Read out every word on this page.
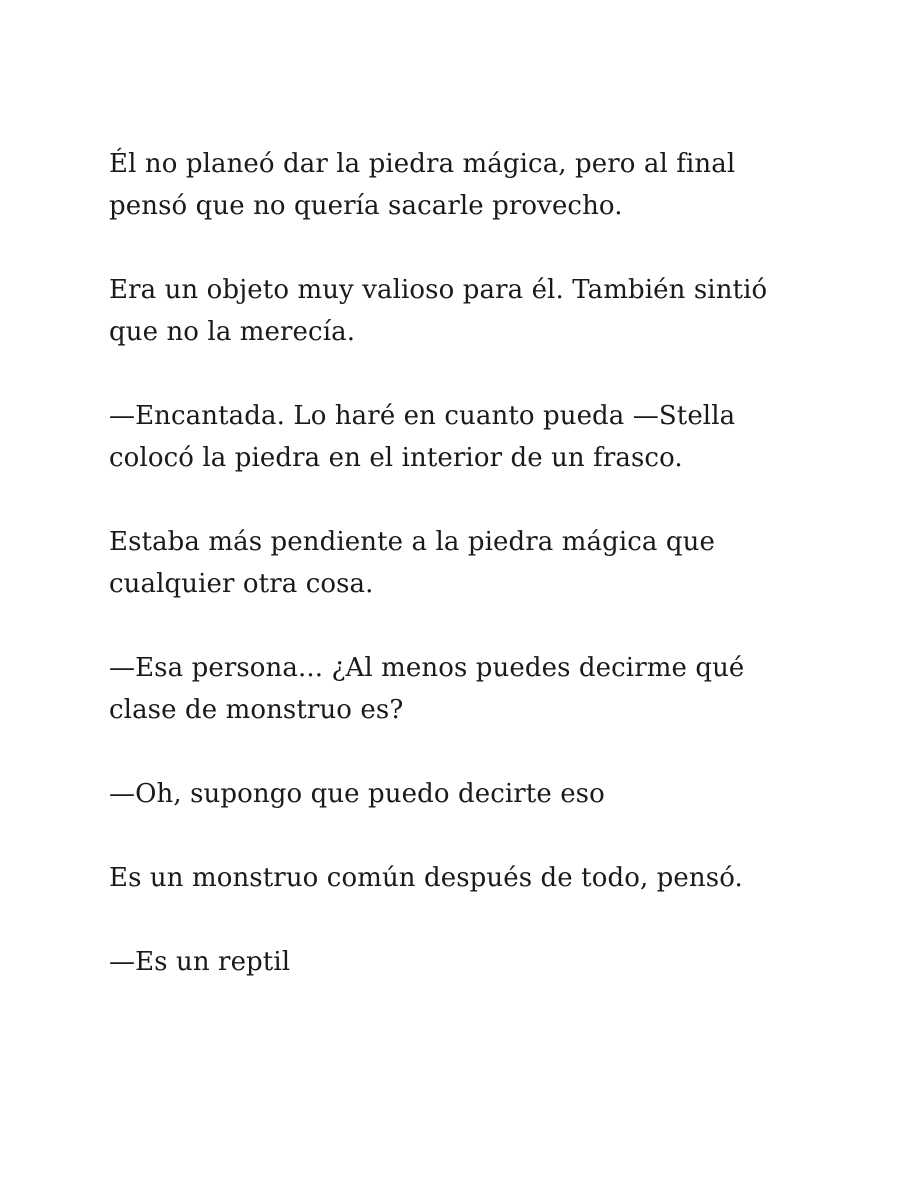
Él no planeó dar la piedra mágica, pero al final pensó que no quería sacarle provecho.

Era un objeto muy valioso para él. También sintió que no la merecía.

—Encantada. Lo haré en cuanto pueda —Stella colocó la piedra en el interior de un frasco.

Estaba más pendiente a la piedra mágica que cualquier otra cosa.

—Esa persona... ¿Al menos puedes decirme qué clase de monstruo es?

—Oh, supongo que puedo decirte eso

Es un monstruo común después de todo, pensó.

—Es un reptil
